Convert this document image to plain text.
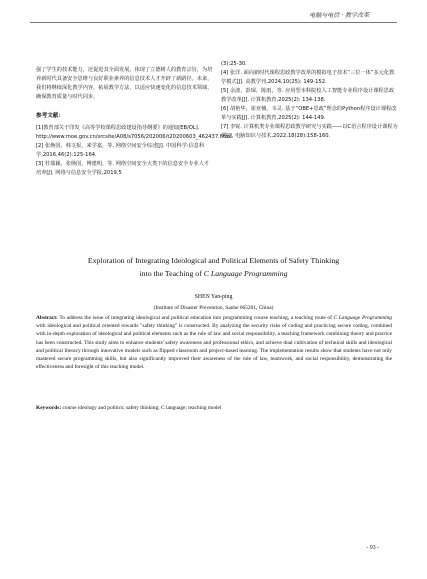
电脑与电信 · 教学改革

强了学生的技术能力，还促进其全面发展，体现了立德树人的教育宗旨，为培养新时代具备安全思维与良好职业素养的信息技术人才开辟了新路径。未来，我们将继续深化教学内容，拓展教学方法，以适应快速变化的信息技术领域，确保教育质量与时代同步。

参考文献：

[1]教育部关于印发《高等学校课程思政建设指导纲要》的通知[EB/OL]. http://www.moe.gov.cn/srcsite/A08/s7056/202006/t20200603_462437.html.

[2] 张焕国，韩文报，来学嘉，等. 网络空间安全综述[J]. 中国科学:信息科学,2016,46(2):125-164.

[3] 杜瑞颖，张焕国，傅建明，等. 网络空间安全大类下的信息安全专业人才培养[J]. 网络与信息安全学报,2019,5

(3):25-30.

[4] 张洋. 面向新时代课程思政教学改革的模拟电子技术“三位一体”多元化教学模式[J]. 高教学刊,2024,10(25): 149-152.

[5] 余波，彭琛，陈雨，等. 应用型本科院校人工智能专业程序设计课程思政教学改革[J]. 计算机教育,2025(2): 134-138.

[6] 胡艳华，崔亚楠，韦灵. 基于“OBE+思政”理念的Python程序设计课程改革与实践[J]. 计算机教育,2025(2): 144-149.

[7] 李锐. 计算机类专业课程思政教学研究与实践——以C语言程序设计课程为例[J]. 电脑知识与技术,2022,18(28):158-160.

Exploration of Integrating Ideological and Political Elements of Safety Thinking
into the Teaching of C Language Programming
SHEN Yan-ping
(Institute of Disaster Prevention, Sanhe 065201, China)
Abstract: To address the issue of integrating ideological and political education into programming course teaching, a teaching route of C Language Programming with ideological and political oriented towards "safety thinking" is constructed. By analyzing the security risks of coding and practicing secure coding, combined with in-depth exploration of ideological and political elements such as the rule of law and social responsibility, a teaching framework combining theory and practice has been constructed. This study aims to enhance students' safety awareness and professional ethics, and achieve dual cultivation of technical skills and ideological and political literacy through innovative models such as flipped classroom and project-based learning. The implementation results show that students have not only mastered secure programming skills, but also significantly improved their awareness of the rule of law, teamwork, and social responsibility, demonstrating the effectiveness and foresight of this teaching model.
Keywords: course ideology and politics; safety thinking; C language; teaching model
- 93 -
